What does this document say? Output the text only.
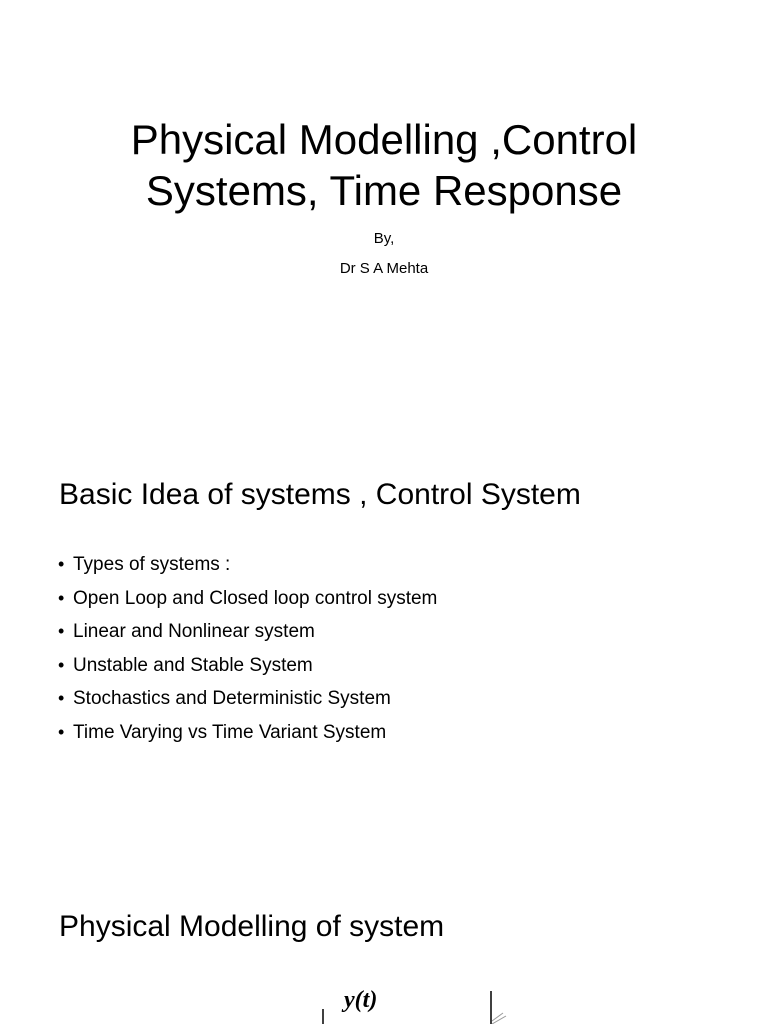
Physical Modelling ,Control
Systems, Time Response

By,

Dr S A Mehta

Basic Idea of systems , Control System
• Types of systems :
• Open Loop and Closed loop control system
• Linear and Nonlinear system
• Unstable and Stable System
• Stochastics and Deterministic System
• Time Varying vs Time Variant System
Physical Modelling of system
y(t)
